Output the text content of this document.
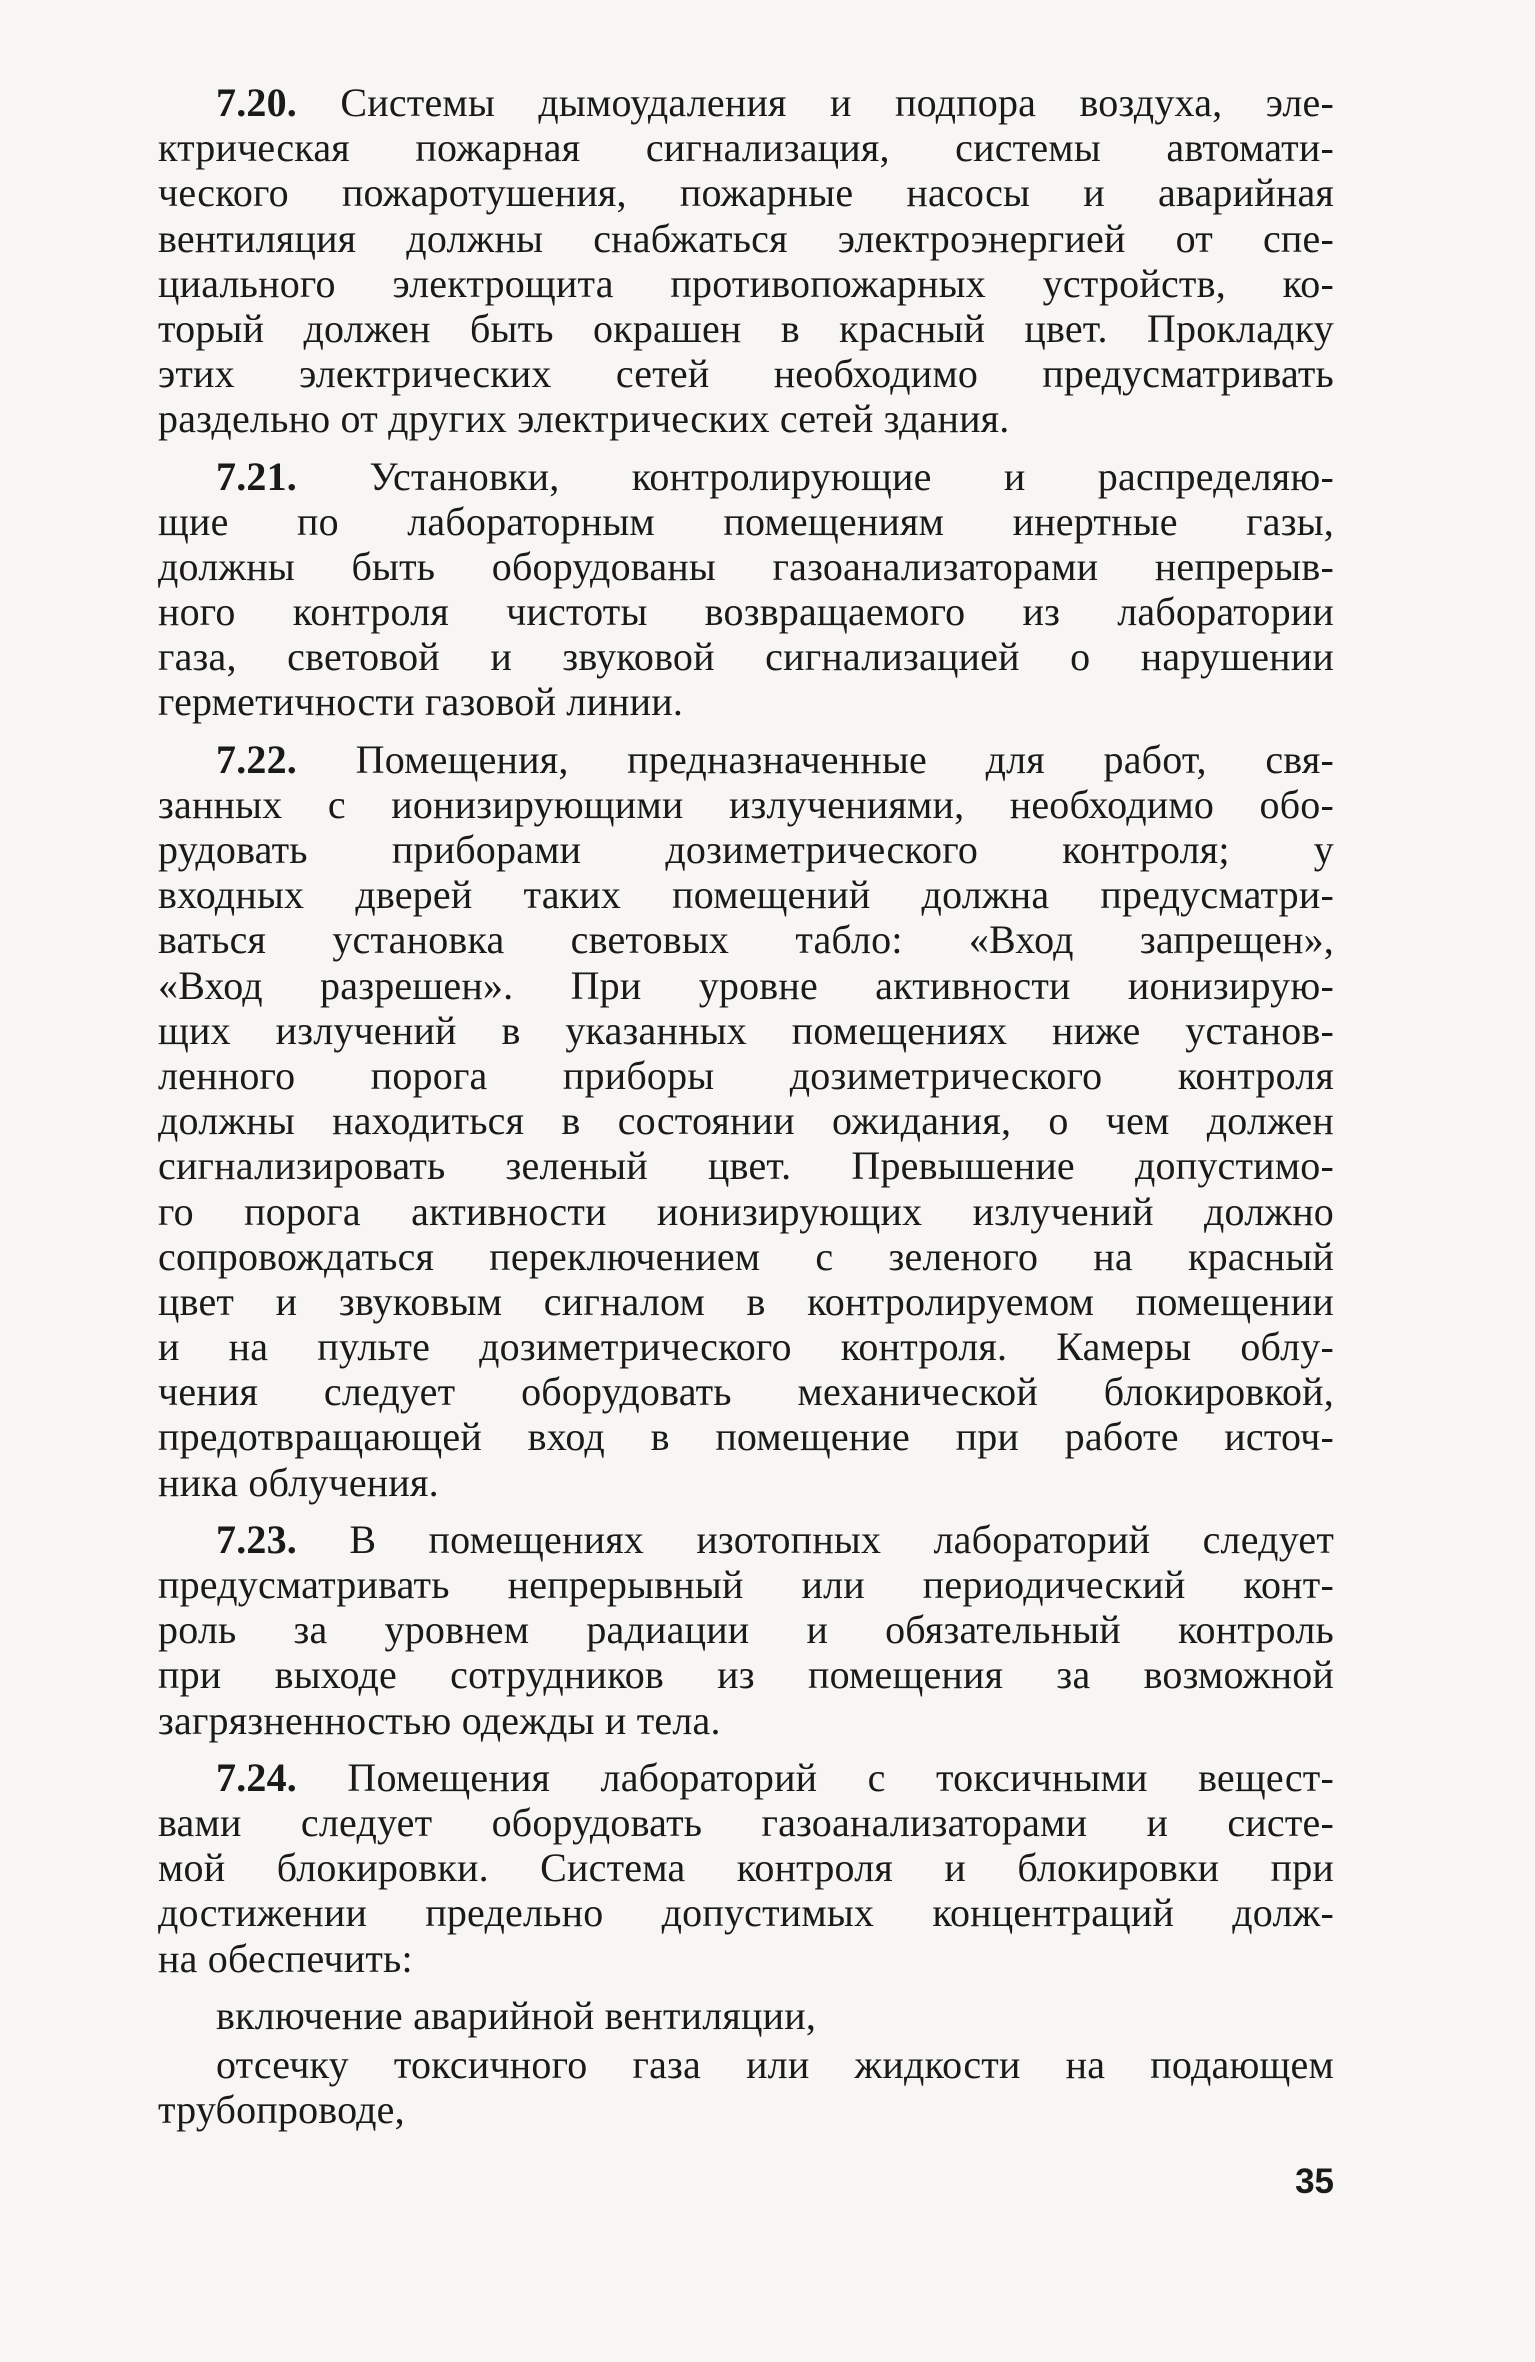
7.20. Системы дымоудаления и подпора воздуха, эле-
ктрическая пожарная сигнализация, системы автомати-
ческого пожаротушения, пожарные насосы и аварийная
вентиляция должны снабжаться электроэнергией от спе-
циального электрощита противопожарных устройств, ко-
торый должен быть окрашен в красный цвет. Прокладку
этих электрических сетей необходимо предусматривать
раздельно от других электрических сетей здания.
7.21. Установки, контролирующие и распределяю-
щие по лабораторным помещениям инертные газы,
должны быть оборудованы газоанализаторами непрерыв-
ного контроля чистоты возвращаемого из лаборатории
газа, световой и звуковой сигнализацией о нарушении
герметичности газовой линии.
7.22. Помещения, предназначенные для работ, свя-
занных с ионизирующими излучениями, необходимо обо-
рудовать приборами дозиметрического контроля; у
входных дверей таких помещений должна предусматри-
ваться установка световых табло: «Вход запрещен»,
«Вход разрешен». При уровне активности ионизирую-
щих излучений в указанных помещениях ниже установ-
ленного порога приборы дозиметрического контроля
должны находиться в состоянии ожидания, о чем должен
сигнализировать зеленый цвет. Превышение допустимо-
го порога активности ионизирующих излучений должно
сопровождаться переключением с зеленого на красный
цвет и звуковым сигналом в контролируемом помещении
и на пульте дозиметрического контроля. Камеры облу-
чения следует оборудовать механической блокировкой,
предотвращающей вход в помещение при работе источ-
ника облучения.
7.23. В помещениях изотопных лабораторий следует
предусматривать непрерывный или периодический конт-
роль за уровнем радиации и обязательный контроль
при выходе сотрудников из помещения за возможной
загрязненностью одежды и тела.
7.24. Помещения лабораторий с токсичными вещест-
вами следует оборудовать газоанализаторами и систе-
мой блокировки. Система контроля и блокировки при
достижении предельно допустимых концентраций долж-
на обеспечить:
включение аварийной вентиляции,
отсечку токсичного газа или жидкости на подающем
трубопроводе,
35
